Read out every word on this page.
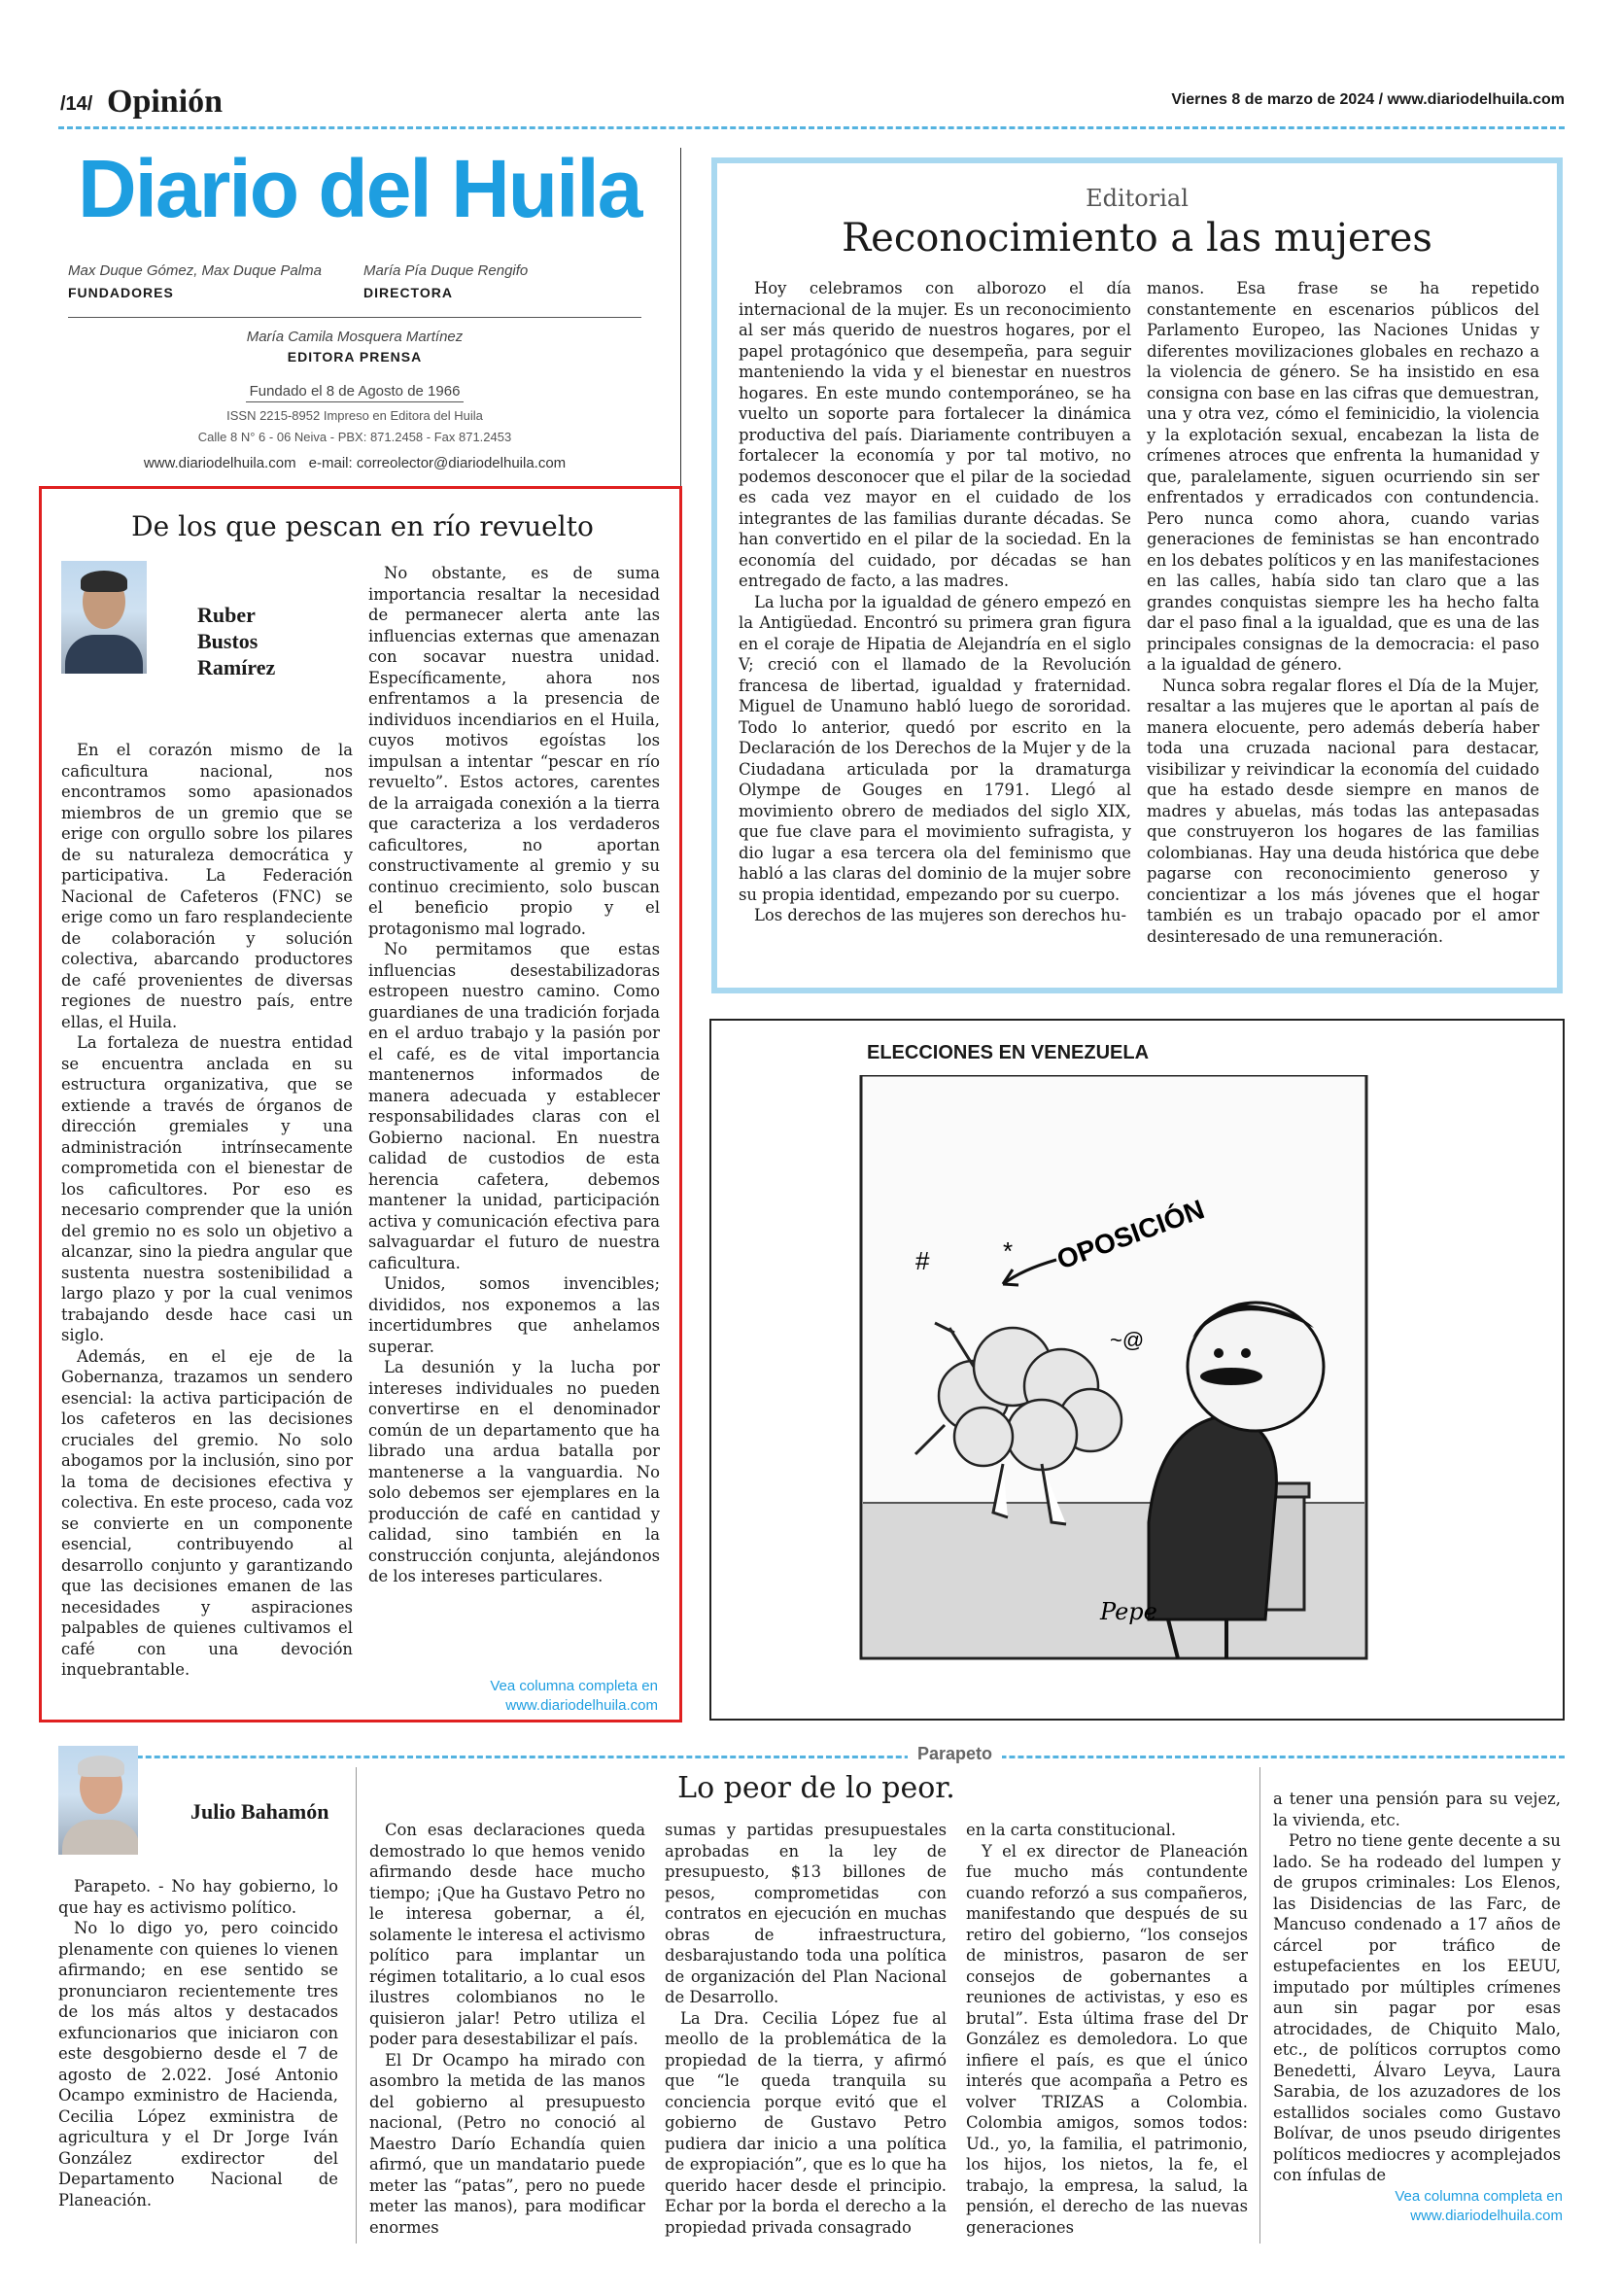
/14/ Opinión	Viernes 8 de marzo de 2024 / www.diariodelhuila.com
Diario del Huila
Max Duque Gómez, Max Duque Palma
FUNDADORES
María Pía Duque Rengifo
DIRECTORA
María Camila Mosquera Martínez
EDITORA PRENSA
Fundado el 8 de Agosto de 1966
ISSN 2215-8952 Impreso en Editora del Huila
Calle 8 N° 6 - 06 Neiva - PBX: 871.2458 - Fax 871.2453
www.diariodelhuila.com e-mail: correolector@diariodelhuila.com
De los que pescan en río revuelto
Ruber Bustos Ramírez

En el corazón mismo de la caficultura nacional, nos encontramos somo apasionados miembros de un gremio que se erige con orgullo sobre los pilares de su naturaleza democrática y participativa. La Federación Nacional de Cafeteros (FNC) se erige como un faro resplandeciente de colaboración y solución colectiva, abarcando productores de café provenientes de diversas regiones de nuestro país, entre ellas, el Huila.

La fortaleza de nuestra entidad se encuentra anclada en su estructura organizativa, que se extiende a través de órganos de dirección gremiales y una administración intrínsecamente comprometida con el bienestar de los caficultores. Por eso es necesario comprender que la unión del gremio no es solo un objetivo a alcanzar, sino la piedra angular que sustenta nuestra sostenibilidad a largo plazo y por la cual venimos trabajando desde hace casi un siglo.

Además, en el eje de la Gobernanza, trazamos un sendero esencial: la activa participación de los cafeteros en las decisiones cruciales del gremio. No solo abogamos por la inclusión, sino por la toma de decisiones efectiva y colectiva. En este proceso, cada voz se convierte en un componente esencial, contribuyendo al desarrollo conjunto y garantizando que las decisiones emanen de las necesidades y aspiraciones palpables de quienes cultivamos el café con una devoción inquebrantable.

No obstante, es de suma importancia resaltar la necesidad de permanecer alerta ante las influencias externas que amenazan con socavar nuestra unidad. Específicamente, ahora nos enfrentamos a la presencia de individuos incendiarios en el Huila, cuyos motivos egoístas los impulsan a intentar “pescar en río revuelto”. Estos actores, carentes de la arraigada conexión a la tierra que caracteriza a los verdaderos caficultores, no aportan constructivamente al gremio y su continuo crecimiento, solo buscan el beneficio propio y el protagonismo mal logrado.

No permitamos que estas influencias desestabilizadoras estropeen nuestro camino. Como guardianes de una tradición forjada en el arduo trabajo y la pasión por el café, es de vital importancia mantenernos informados de manera adecuada y establecer responsabilidades claras con el Gobierno nacional. En nuestra calidad de custodios de esta herencia cafetera, debemos mantener la unidad, participación activa y comunicación efectiva para salvaguardar el futuro de nuestra caficultura.

Unidos, somos invencibles; divididos, nos exponemos a las incertidumbres que anhelamos superar.

La desunión y la lucha por intereses individuales no pueden convertirse en el denominador común de un departamento que ha librado una ardua batalla por mantenerse a la vanguardia. No solo debemos ser ejemplares en la producción de café en cantidad y calidad, sino también en la construcción conjunta, alejándonos de los intereses particulares.

Vea columna completa en
www.diariodelhuila.com
Editorial
Reconocimiento a las mujeres

Hoy celebramos con alborozo el día internacional de la mujer. Es un reconocimiento al ser más querido de nuestros hogares, por el papel protagónico que desempeña, para seguir manteniendo la vida y el bienestar en nuestros hogares. En este mundo contemporáneo, se ha vuelto un soporte para fortalecer la dinámica productiva del país. Diariamente contribuyen a fortalecer la economía y por tal motivo, no podemos desconocer que el pilar de la sociedad es cada vez mayor en el cuidado de los integrantes de las familias durante décadas. Se han convertido en el pilar de la sociedad. En la economía del cuidado, por décadas se han entregado de facto, a las madres.

La lucha por la igualdad de género empezó en la Antigüedad. Encontró su primera gran figura en el coraje de Hipatia de Alejandría en el siglo V; creció con el llamado de la Revolución francesa de libertad, igualdad y fraternidad. Miguel de Unamuno habló luego de sororidad. Todo lo anterior, quedó por escrito en la Declaración de los Derechos de la Mujer y de la Ciudadana articulada por la dramaturga Olympe de Gouges en 1791. Llegó al movimiento obrero de mediados del siglo XIX, que fue clave para el movimiento sufragista, y dio lugar a esa tercera ola del feminismo que habló a las claras del dominio de la mujer sobre su propia identidad, empezando por su cuerpo.

Los derechos de las mujeres son derechos hu-

manos. Esa frase se ha repetido constantemente en escenarios públicos del Parlamento Europeo, las Naciones Unidas y diferentes movilizaciones globales en rechazo a la violencia de género. Se ha insistido en esa consigna con base en las cifras que demuestran, una y otra vez, cómo el feminicidio, la violencia y la explotación sexual, encabezan la lista de crímenes atroces que enfrenta la humanidad y que, paralelamente, siguen ocurriendo sin ser enfrentados y erradicados con contundencia. Pero nunca como ahora, cuando varias generaciones de feministas se han encontrado en los debates políticos y en las manifestaciones en las calles, había sido tan claro que a las grandes conquistas siempre les ha hecho falta dar el paso final a la igualdad, que es una de las principales consignas de la democracia: el paso a la igualdad de género.

Nunca sobra regalar flores el Día de la Mujer, resaltar a las mujeres que le aportan al país de manera elocuente, pero además debería haber toda una cruzada nacional para destacar, visibilizar y reivindicar la economía del cuidado que ha estado desde siempre en manos de madres y abuelas, más todas las antepasadas que construyeron los hogares de las familias colombianas. Hay una deuda histórica que debe pagarse con reconocimiento generoso y concientizar a los más jóvenes que el hogar también es un trabajo opacado por el amor desinteresado de una remuneración.

ELECCIONES EN VENEZUELA
OPOSICIÓN
#	*
~@
Pepe
Parapeto
Julio Bahamón
Lo peor de lo peor.

Parapeto. - No hay gobierno, lo que hay es activismo político.

No lo digo yo, pero coincido plenamente con quienes lo vienen afirmando; en ese sentido se pronunciaron recientemente tres de los más altos y destacados exfuncionarios que iniciaron con este desgobierno desde el 7 de agosto de 2.022. José Antonio Ocampo exministro de Hacienda, Cecilia López exministra de agricultura y el Dr Jorge Iván González exdirector del Departamento Nacional de Planeación.

Con esas declaraciones queda demostrado lo que hemos venido afirmando desde hace mucho tiempo; ¡Que ha Gustavo Petro no le interesa gobernar, a él, solamente le interesa el activismo político para implantar un régimen totalitario, a lo cual esos ilustres colombianos no le quisieron jalar! Petro utiliza el poder para desestabilizar el país.

El Dr Ocampo ha mirado con asombro la metida de las manos del gobierno al presupuesto nacional, (Petro no conoció al Maestro Darío Echandía quien afirmó, que un mandatario puede meter las “patas”, pero no puede meter las manos), para modificar enormes

sumas y partidas presupuestales aprobadas en la ley de presupuesto, $13 billones de pesos, comprometidas con contratos en ejecución en muchas obras de infraestructura, desbarajustando toda una política de organización del Plan Nacional de Desarrollo.

La Dra. Cecilia López fue al meollo de la problemática de la propiedad de la tierra, y afirmó que “le queda tranquila su conciencia porque evitó que el gobierno de Gustavo Petro pudiera dar inicio a una política de expropiación”, que es lo que ha querido hacer desde el principio. Echar por la borda el derecho a la propiedad privada consagrado

en la carta constitucional.

Y el ex director de Planeación fue mucho más contundente cuando reforzó a sus compañeros, manifestando que después de su retiro del gobierno, “los consejos de ministros, pasaron de ser consejos de gobernantes a reuniones de activistas, y eso es brutal”. Esta última frase del Dr González es demoledora. Lo que infiere el país, es que el único interés que acompaña a Petro es volver TRIZAS a Colombia. Colombia amigos, somos todos: Ud., yo, la familia, el patrimonio, los hijos, los nietos, la fe, el trabajo, la empresa, la salud, la pensión, el derecho de las nuevas generaciones

a tener una pensión para su vejez, la vivienda, etc.

Petro no tiene gente decente a su lado. Se ha rodeado del lumpen y de grupos criminales: Los Elenos, las Disidencias de las Farc, de Mancuso condenado a 17 años de cárcel por tráfico de estupefacientes en los EEUU, imputado por múltiples crímenes aun sin pagar por esas atrocidades, de Chiquito Malo, etc., de políticos corruptos como Benedetti, Álvaro Leyva, Laura Sarabia, de los azuzadores de los estallidos sociales como Gustavo Bolívar, de unos pseudo dirigentes políticos mediocres y acomplejados con ínfulas de

Vea columna completa en
www.diariodelhuila.com
